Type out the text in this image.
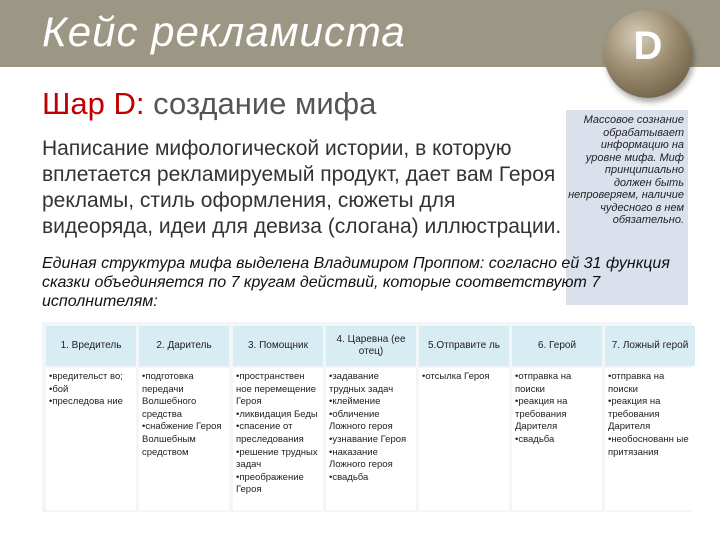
Кейс рекламиста	D
Шар D: создание мифа
Написание мифологической истории, в которую вплетается рекламируемый продукт, дает вам Героя рекламы, стиль оформления, сюжеты для видеоряда, идеи для девиза (слогана) иллюстрации.
Массовое сознание обрабатывает информацию на уровне мифа. Миф принципиально должен быть непроверяем, наличие чудесного в нем обязательно.
Единая структура мифа выделена Владимиром Проппом: согласно ей 31 функция сказки объединяется по 7 кругам действий, которые соответствуют 7 исполнителям:
1. Вредитель
•вредительст во;
•бой
•преследова ние
2. Даритель
•подготовка передачи Волшебного средства
•снабжение Героя Волшебным средством
3. Помощник
•пространствен ное перемещение Героя
•ликвидация Беды
•спасение от преследования
•решение трудных задач
•преображение Героя
4. Царевна (ее отец)
•задавание трудных задач
•клеймение
•обличение Ложного героя
•узнавание Героя
•наказание Ложного героя
•свадьба
5.Отправите ль
•отсылка Героя
6. Герой
•отправка на поиски
•реакция на требования Дарителя
•свадьба
7. Ложный герой
•отправка на поиски
•реакция на требования Дарителя
•необоснованн ые притязания
